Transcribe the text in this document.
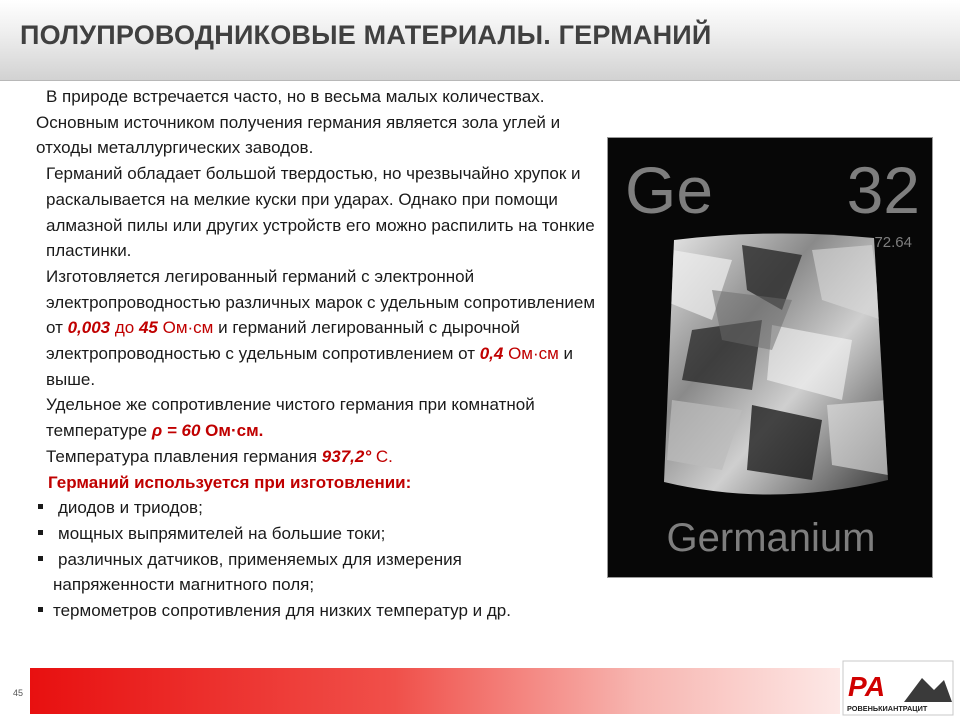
ПОЛУПРОВОДНИКОВЫЕ МАТЕРИАЛЫ. ГЕРМАНИЙ

В природе встречается часто, но в весьма малых количествах.

Основным источником получения германия является зола углей и отходы металлургических заводов.

Германий обладает большой твердостью, но чрезвычайно хрупок и раскалывается на мелкие куски при ударах. Однако при помощи алмазной пилы или других устройств его можно распилить на тонкие пластинки.

Изготовляется легированный германий с электронной электропроводностью различных марок с удельным сопротивлением от 0,003 до 45 Ом·см и германий легированный с дырочной электропроводностью с удельным сопротивлением от 0,4 Ом·см и выше.

Удельное же сопротивление чистого германия при комнатной температуре ρ = 60 Ом·см.

Температура плавления германия 937,2° С.

Германий используется при изготовлении:

диодов и триодов;

мощных выпрямителей на большие токи;

различных датчиков, применяемых для измерения

напряженности магнитного поля;

термометров сопротивления для низких температур и др.

Ge 32
72.64
Germanium
45	РА
РОВЕНЬКИАНТРАЦИТ
